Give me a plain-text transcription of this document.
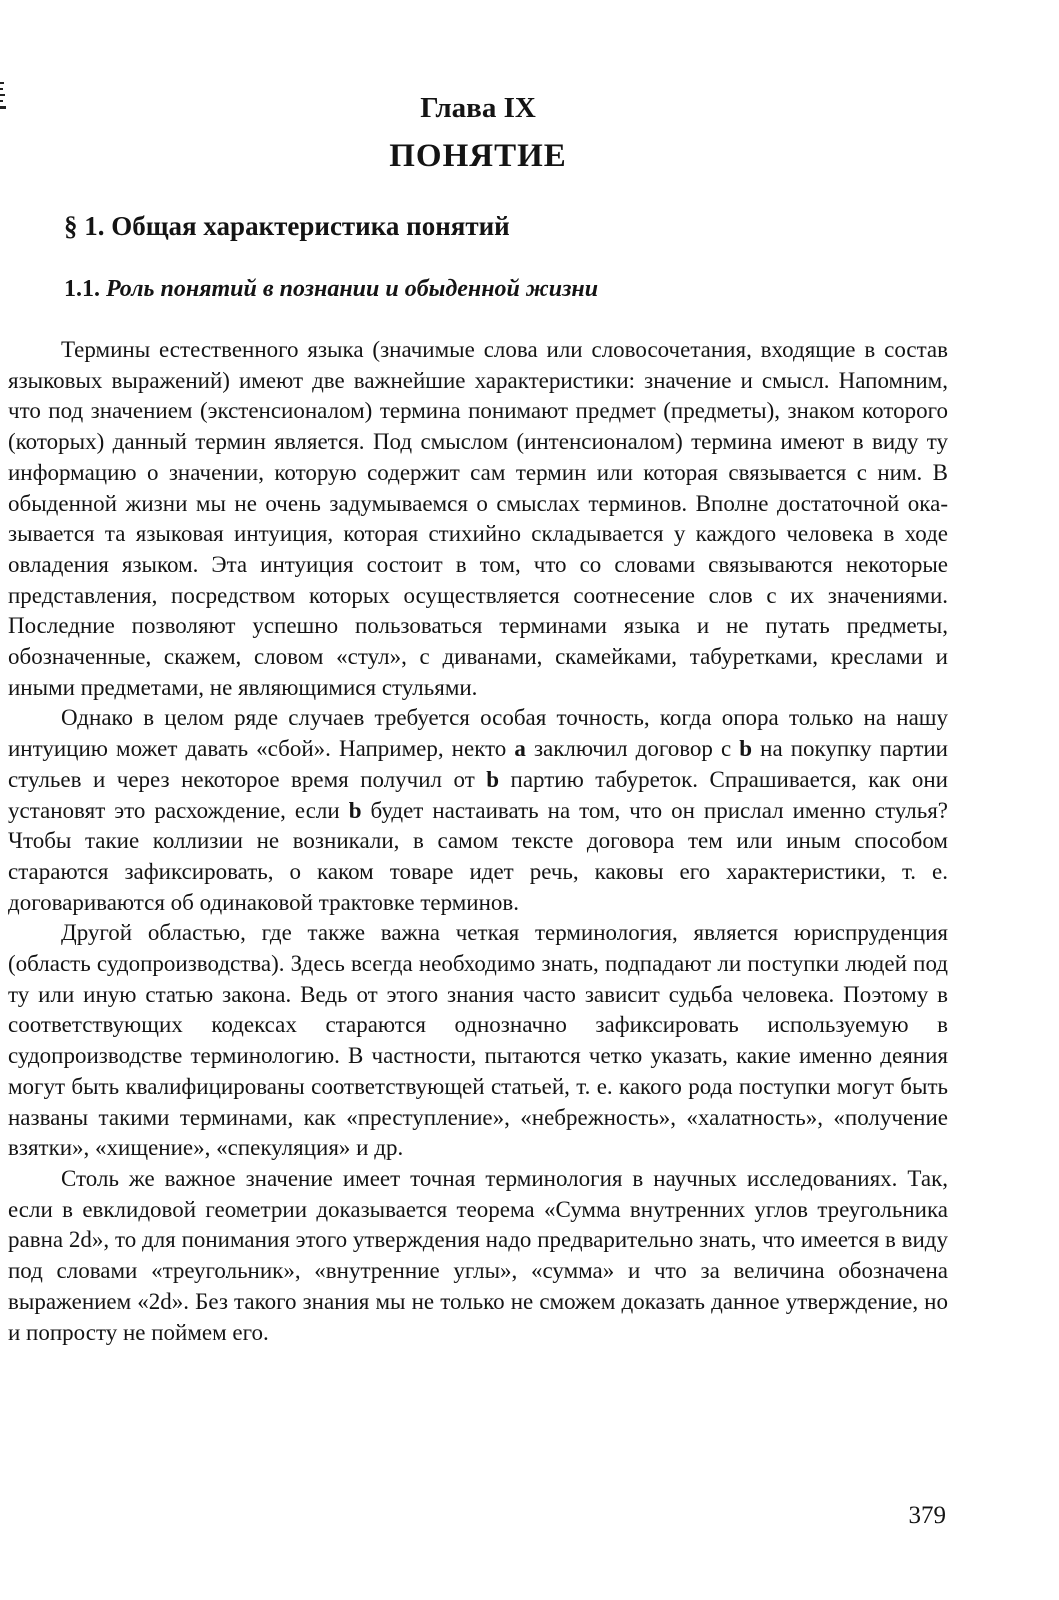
Глава IX
ПОНЯТИЕ
§ 1. Общая характеристика понятий
1.1. Роль понятий в познании и обыденной жизни

Термины естественного языка (значимые слова или словосочетания, входящие в состав языковых выражений) имеют две важнейшие характеристики: значение и смысл. Напомним, что под значением (экстенсионалом) термина понимают предмет (предметы), знаком которого (которых) данный термин является. Под смыслом (интенсионалом) термина имеют в виду ту информацию о значении, которую содержит сам термин или которая связывается с ним. В обыденной жизни мы не очень задумываемся о смыслах терминов. Вполне достаточной оказывается та языковая интуиция, которая стихийно складывается у каждого человека в ходе овладения языком. Эта интуиция состоит в том, что со словами связываются некоторые представления, посредством которых осуществляется соотнесение слов с их значениями. Последние позволяют успешно пользоваться терминами языка и не путать предметы, обозначенные, скажем, словом «стул», с диванами, скамейками, табуретками, креслами и иными предметами, не являющимися стульями.

Однако в целом ряде случаев требуется особая точность, когда опора только на нашу интуицию может давать «сбой». Например, некто a заключил договор с b на покупку партии стульев и через некоторое время получил от b партию табуреток. Спрашивается, как они установят это расхождение, если b будет настаивать на том, что он прислал именно стулья? Чтобы такие коллизии не возникали, в самом тексте договора тем или иным способом стараются зафиксировать, о каком товаре идет речь, каковы его характеристики, т. е. договариваются об одинаковой трактовке терминов.

Другой областью, где также важна четкая терминология, является юриспруденция (область судопроизводства). Здесь всегда необходимо знать, подпадают ли поступки людей под ту или иную статью закона. Ведь от этого знания часто зависит судьба человека. Поэтому в соответствующих кодексах стараются однозначно зафиксировать используемую в судопроизводстве терминологию. В частности, пытаются четко указать, какие именно деяния могут быть квалифицированы соответствующей статьей, т. е. какого рода поступки могут быть названы такими терминами, как «преступление», «небрежность», «халатность», «получение взятки», «хищение», «спекуляция» и др.

Столь же важное значение имеет точная терминология в научных исследованиях. Так, если в евклидовой геометрии доказывается теорема «Сумма внутренних углов треугольника равна 2d», то для понимания этого утверждения надо предварительно знать, что имеется в виду под словами «треугольник», «внутренние углы», «сумма» и что за величина обозначена выражением «2d». Без такого знания мы не только не сможем доказать данное утверждение, но и попросту не поймем его.

379
